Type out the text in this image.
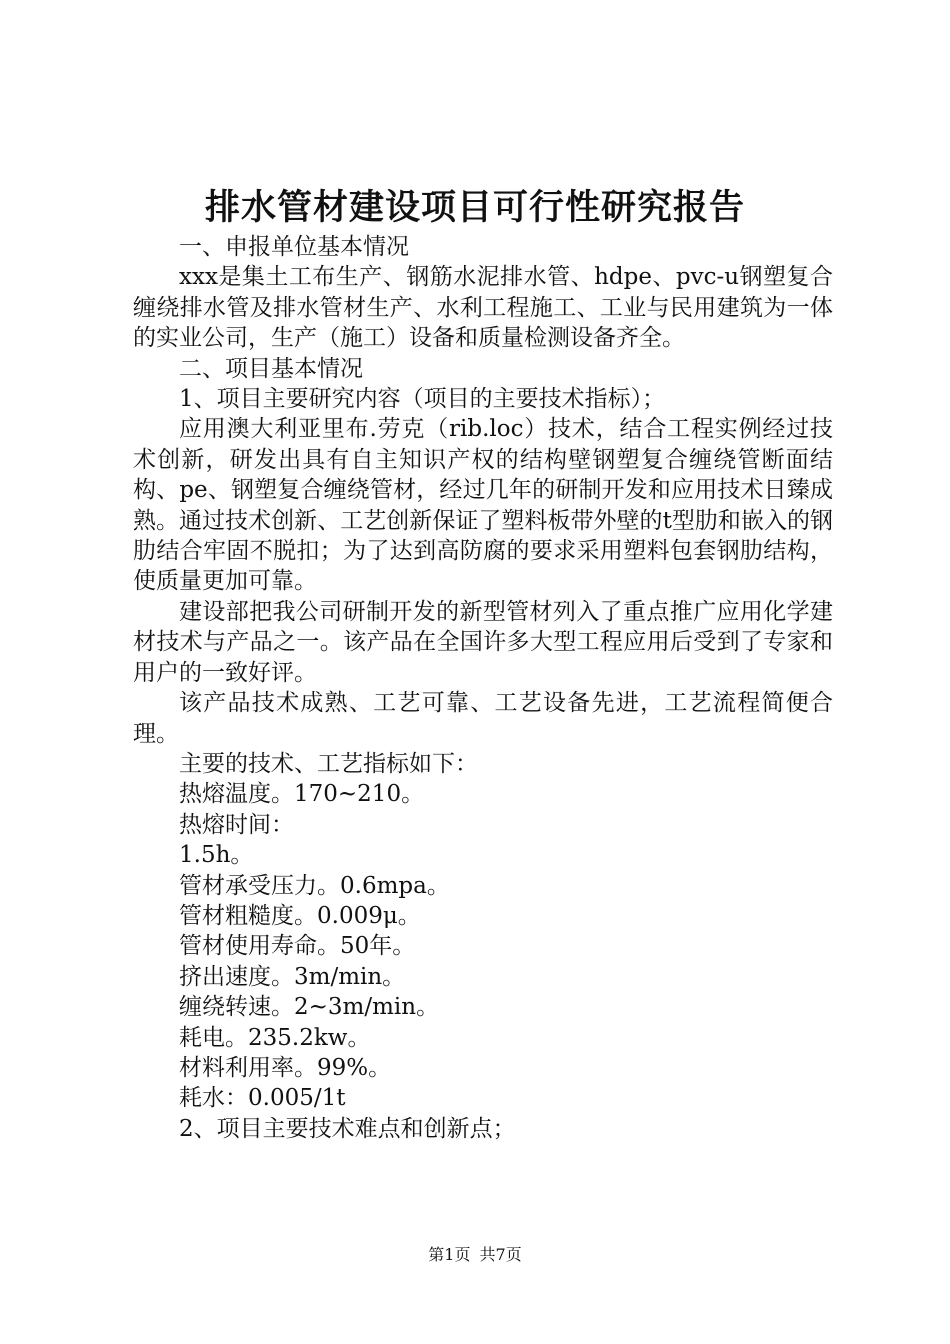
排水管材建设项目可行性研究报告

一、申报单位基本情况

xxx是集土工布生产、钢筋水泥排水管、hdpe、pvc-u钢塑复合缠绕排水管及排水管材生产、水利工程施工、工业与民用建筑为一体的实业公司，生产（施工）设备和质量检测设备齐全。

二、项目基本情况

1、项目主要研究内容（项目的主要技术指标）；

应用澳大利亚里布.劳克（rib.loc）技术，结合工程实例经过技术创新，研发出具有自主知识产权的结构壁钢塑复合缠绕管断面结构、pe、钢塑复合缠绕管材，经过几年的研制开发和应用技术日臻成熟。通过技术创新、工艺创新保证了塑料板带外壁的t型肋和嵌入的钢肋结合牢固不脱扣；为了达到高防腐的要求采用塑料包套钢肋结构，使质量更加可靠。

建设部把我公司研制开发的新型管材列入了重点推广应用化学建材技术与产品之一。该产品在全国许多大型工程应用后受到了专家和用户的一致好评。

该产品技术成熟、工艺可靠、工艺设备先进，工艺流程简便合理。

主要的技术、工艺指标如下：

热熔温度。170~210。

热熔时间：

1.5h。

管材承受压力。0.6mpa。

管材粗糙度。0.009μ。

管材使用寿命。50年。

挤出速度。3m/min。

缠绕转速。2~3m/min。

耗电。235.2kw。

材料利用率。99%。

耗水：0.005/1t

2、项目主要技术难点和创新点；

第1页 共7页
